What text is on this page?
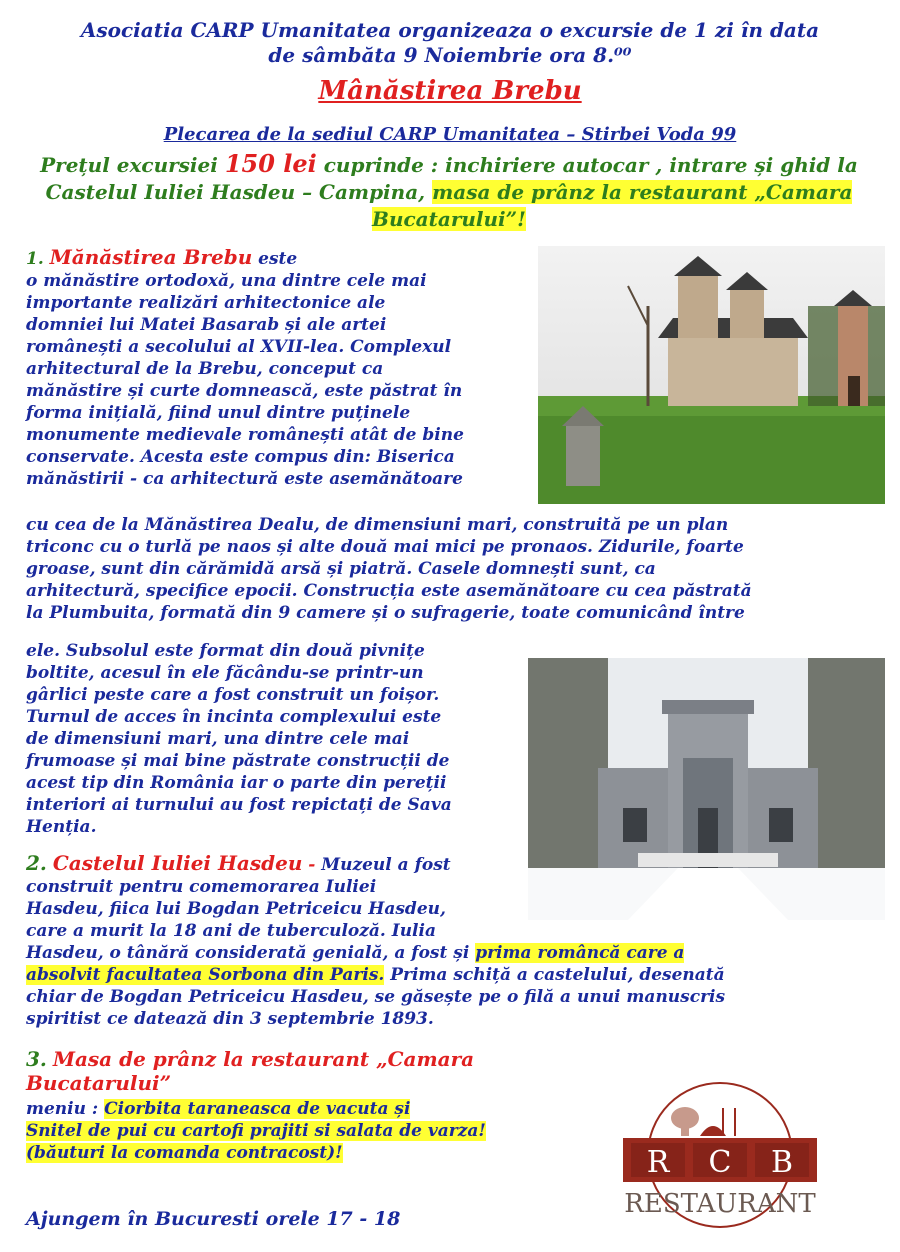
Asociatia CARP Umanitatea organizeaza o excursie de 1 zi în data
de sâmbăta 9 Noiembrie ora 8.⁰⁰
Mânăstirea Brebu
Plecarea de la sediul CARP Umanitatea – Stirbei Voda 99
Prețul excursiei 150 lei cuprinde : inchiriere autocar , intrare și ghid la Castelul Iuliei Hasdeu – Campina, masa de prânz la restaurant „Camara Bucatarului”!
1. Mănăstirea Brebu este
o mănăstire ortodoxă, una dintre cele mai
importante realizări arhitectonice ale
domniei lui Matei Basarab și ale artei
românești a secolului al XVII-lea. Complexul
arhitectural de la Brebu, conceput ca
mănăstire și curte domnească, este păstrat în
forma inițială, fiind unul dintre puținele
monumente medievale românești atât de bine
conservate. Acesta este compus din: Biserica
mănăstirii - ca arhitectură este asemănătoare
cu cea de la Mănăstirea Dealu, de dimensiuni mari, construită pe un plan
triconc cu o turlă pe naos și alte două mai mici pe pronaos. Zidurile, foarte
groase, sunt din cărămidă arsă și piatră. Casele domnești sunt, ca
arhitectură, specifice epocii. Construcția este asemănătoare cu cea păstrată
la Plumbuita, formată din 9 camere și o sufragerie, toate comunicând între
ele. Subsolul este format din două pivnițe
boltite, acesul în ele făcându-se printr-un
gârlici peste care a fost construit un foișor.
Turnul de acces în incinta complexului este
de dimensiuni mari, una dintre cele mai
frumoase și mai bine păstrate construcții de
acest tip din România iar o parte din pereții
interiori ai turnului au fost repictați de Sava
Henția.
2. Castelul Iuliei Hasdeu - Muzeul a fost
construit pentru comemorarea Iuliei
Hasdeu, fiica lui Bogdan Petriceicu Hasdeu,
care a murit la 18 ani de tuberculoză. Iulia
Hasdeu, o tânără considerată genială, a fost și prima româncă care a
absolvit facultatea Sorbona din Paris. Prima schiță a castelului, desenată
chiar de Bogdan Petriceicu Hasdeu, se găsește pe o filă a unui manuscris
spiritist ce datează din 3 septembrie 1893.
3. Masa de prânz la restaurant „Camara
Bucatarului”
meniu : Ciorbita taraneasca de vacuta și
Snitel de pui cu cartofi prajiti si salata de varza!
(băuturi la comanda contracost)!
Ajungem în Bucuresti orele 17 - 18
R C B
RESTAURANT
